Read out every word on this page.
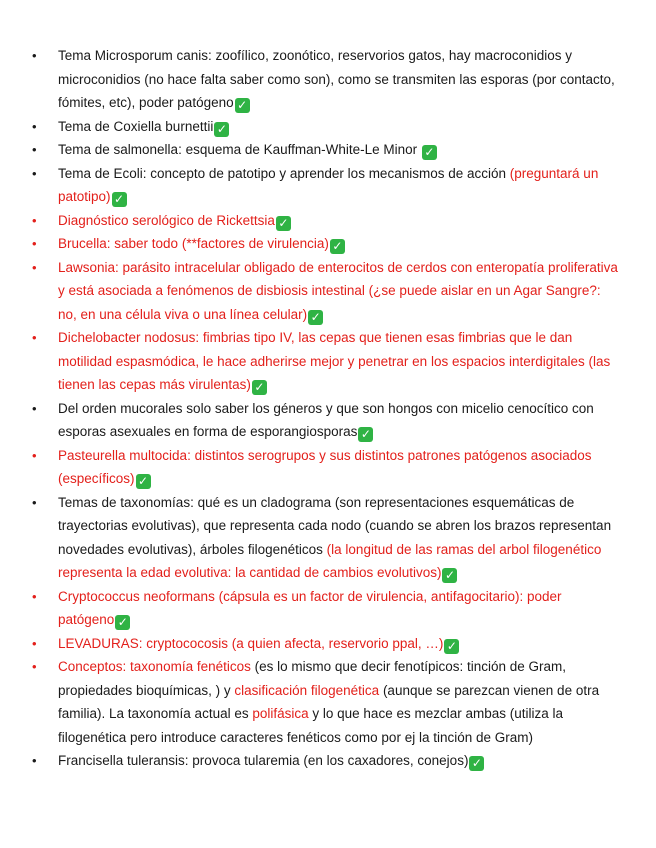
• Tema Microsporum canis: zoofílico, zoonótico, reservorios gatos, hay macroconidios y microconidios (no hace falta saber como son), como se transmiten las esporas (por contacto, fómites, etc), poder patógeno ✓
• Tema de Coxiella burnettii ✓
• Tema de salmonella: esquema de Kauffman-White-Le Minor ✓
• Tema de Ecoli: concepto de patotipo y aprender los mecanismos de acción (preguntará un patotipo) ✓
• Diagnóstico serológico de Rickettsia ✓
• Brucella: saber todo (**factores de virulencia) ✓
• Lawsonia: parásito intracelular obligado de enterocitos de cerdos con enteropatía proliferativa y está asociada a fenómenos de disbiosis intestinal (¿se puede aislar en un Agar Sangre?: no, en una célula viva o una línea celular) ✓
• Dichelobacter nodosus: fimbrias tipo IV, las cepas que tienen esas fimbrias que le dan motilidad espasmódica, le hace adherirse mejor y penetrar en los espacios interdigitales (las tienen las cepas más virulentas) ✓
• Del orden mucorales solo saber los géneros y que son hongos con micelio cenocítico con esporas asexuales en forma de esporangiosporas ✓
• Pasteurella multocida: distintos serogrupos y sus distintos patrones patógenos asociados (específicos) ✓
• Temas de taxonomías: qué es un cladograma (son representaciones esquemáticas de trayectorias evolutivas), que representa cada nodo (cuando se abren los brazos representan novedades evolutivas), árboles filogenéticos (la longitud de las ramas del arbol filogenético representa la edad evolutiva: la cantidad de cambios evolutivos) ✓
• Cryptococcus neoformans (cápsula es un factor de virulencia, antifagocitario): poder patógeno ✓
• LEVADURAS: cryptococosis (a quien afecta, reservorio ppal, …) ✓
• Conceptos: taxonomía fenéticos (es lo mismo que decir fenotípicos: tinción de Gram, propiedades bioquímicas, ) y clasificación filogenética (aunque se parezcan vienen de otra familia). La taxonomía actual es polifásica y lo que hace es mezclar ambas (utiliza la filogenética pero introduce caracteres fenéticos como por ej la tinción de Gram)
• Francisella tuleransis: provoca tularemia (en los caxadores, conejos) ✓
